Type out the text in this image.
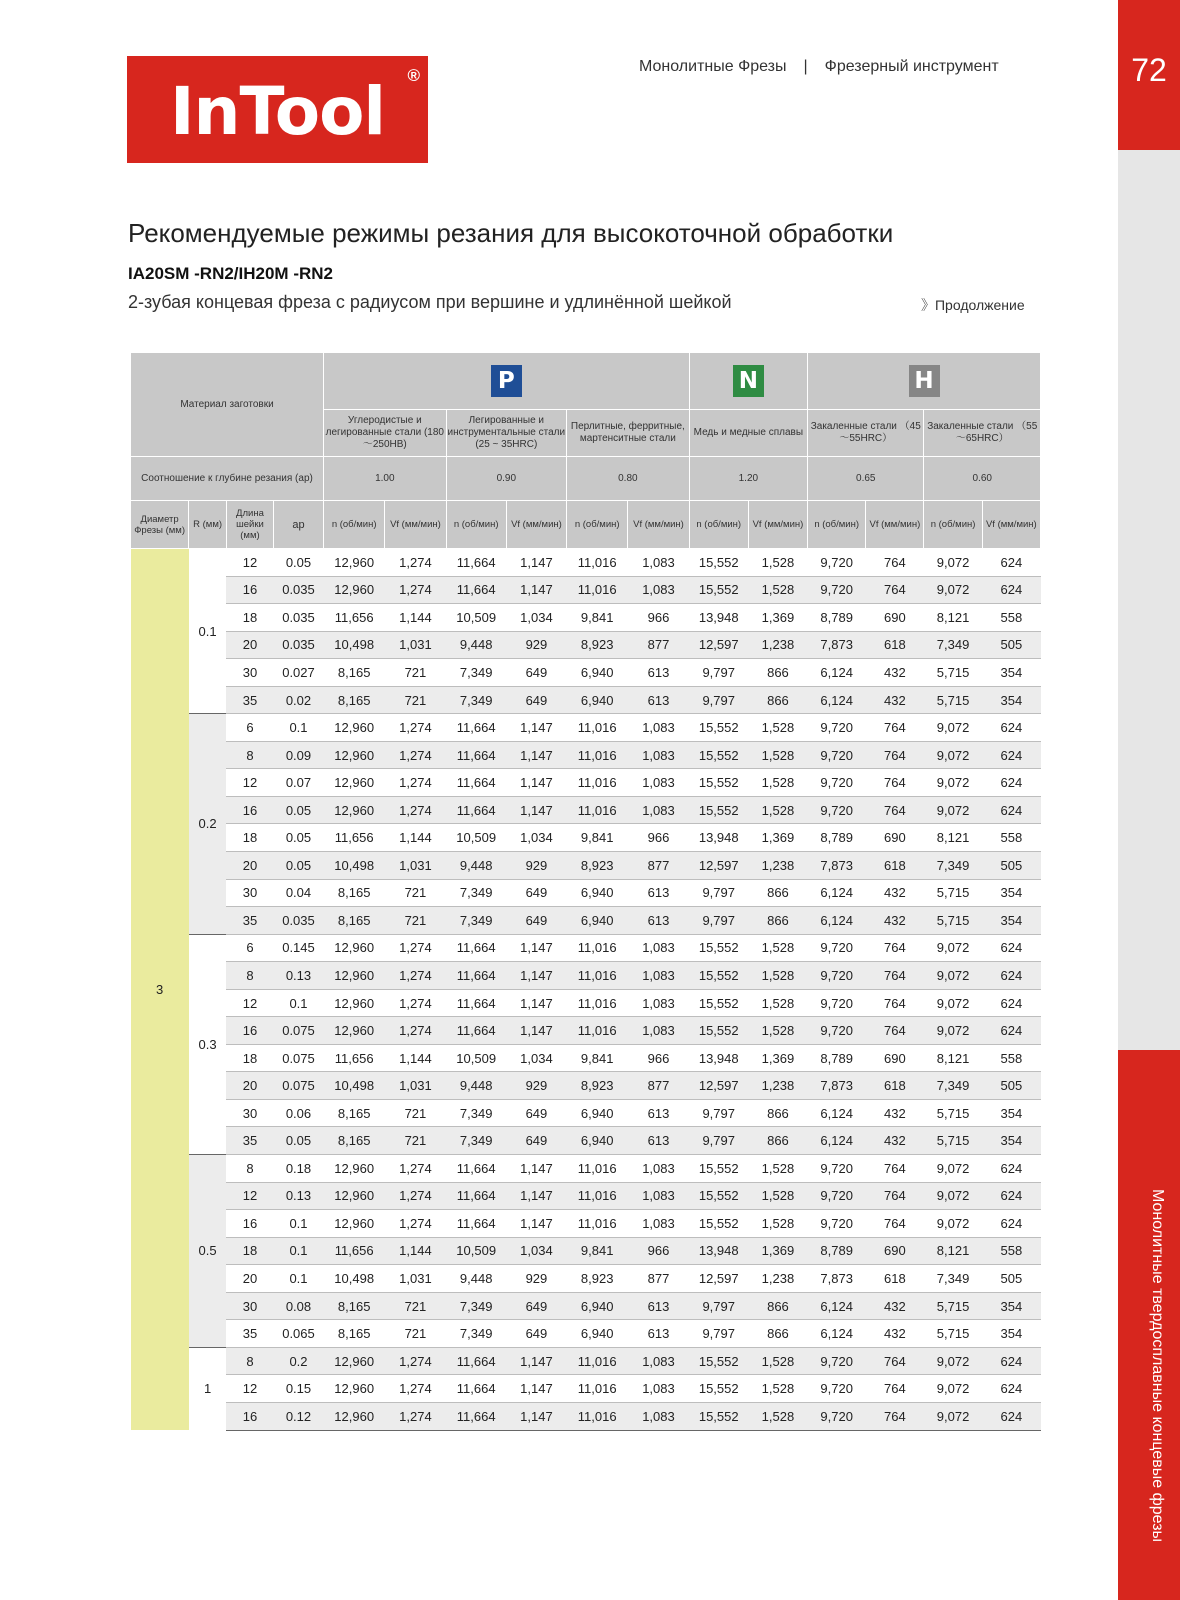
InTool ®	Монолитные Фрезы | Фрезерный инструмент	72
Монолитные твердосплавные концевые фрезы
Рекомендуемые режимы резания для высокоточной обработки
IA20SM -RN2/IH20M -RN2
2-зубая концевая фреза с радиусом при вершине и удлинённой шейкой	》Продолжение
Материал заготовки				P						N		H			
				Углеродистые и легированные стали (180～250HB)		Легированные и инструментальные стали (25 ~ 35HRC)		Перлитные, ферритные, мартенситные стали		Медь и медные сплавы		Закаленные стали （45～55HRC）		Закаленные стали （55～65HRC）	
Соотношение к глубине резания (ap)				1.00		0.90		0.80		1.20		0.65		0.60	
Диаметр Фрезы (мм)	R (мм)	Длина шейки (мм)	ap	n (об/мин)	Vf (мм/мин)	n (об/мин)	Vf (мм/мин)	n (об/мин)	Vf (мм/мин)	n (об/мин)	Vf (мм/мин)	n (об/мин)	Vf (мм/мин)	n (об/мин)	Vf (мм/мин)
3	0.1	12	0.05	12,960	1,274	11,664	1,147	11,016	1,083	15,552	1,528	9,720	764	9,072	624
		16	0.035	12,960	1,274	11,664	1,147	11,016	1,083	15,552	1,528	9,720	764	9,072	624
		18	0.035	11,656	1,144	10,509	1,034	9,841	966	13,948	1,369	8,789	690	8,121	558
		20	0.035	10,498	1,031	9,448	929	8,923	877	12,597	1,238	7,873	618	7,349	505
		30	0.027	8,165	721	7,349	649	6,940	613	9,797	866	6,124	432	5,715	354
		35	0.02	8,165	721	7,349	649	6,940	613	9,797	866	6,124	432	5,715	354
	0.2	6	0.1	12,960	1,274	11,664	1,147	11,016	1,083	15,552	1,528	9,720	764	9,072	624
		8	0.09	12,960	1,274	11,664	1,147	11,016	1,083	15,552	1,528	9,720	764	9,072	624
		12	0.07	12,960	1,274	11,664	1,147	11,016	1,083	15,552	1,528	9,720	764	9,072	624
		16	0.05	12,960	1,274	11,664	1,147	11,016	1,083	15,552	1,528	9,720	764	9,072	624
		18	0.05	11,656	1,144	10,509	1,034	9,841	966	13,948	1,369	8,789	690	8,121	558
		20	0.05	10,498	1,031	9,448	929	8,923	877	12,597	1,238	7,873	618	7,349	505
		30	0.04	8,165	721	7,349	649	6,940	613	9,797	866	6,124	432	5,715	354
		35	0.035	8,165	721	7,349	649	6,940	613	9,797	866	6,124	432	5,715	354
	0.3	6	0.145	12,960	1,274	11,664	1,147	11,016	1,083	15,552	1,528	9,720	764	9,072	624
		8	0.13	12,960	1,274	11,664	1,147	11,016	1,083	15,552	1,528	9,720	764	9,072	624
		12	0.1	12,960	1,274	11,664	1,147	11,016	1,083	15,552	1,528	9,720	764	9,072	624
		16	0.075	12,960	1,274	11,664	1,147	11,016	1,083	15,552	1,528	9,720	764	9,072	624
		18	0.075	11,656	1,144	10,509	1,034	9,841	966	13,948	1,369	8,789	690	8,121	558
		20	0.075	10,498	1,031	9,448	929	8,923	877	12,597	1,238	7,873	618	7,349	505
		30	0.06	8,165	721	7,349	649	6,940	613	9,797	866	6,124	432	5,715	354
		35	0.05	8,165	721	7,349	649	6,940	613	9,797	866	6,124	432	5,715	354
	0.5	8	0.18	12,960	1,274	11,664	1,147	11,016	1,083	15,552	1,528	9,720	764	9,072	624
		12	0.13	12,960	1,274	11,664	1,147	11,016	1,083	15,552	1,528	9,720	764	9,072	624
		16	0.1	12,960	1,274	11,664	1,147	11,016	1,083	15,552	1,528	9,720	764	9,072	624
		18	0.1	11,656	1,144	10,509	1,034	9,841	966	13,948	1,369	8,789	690	8,121	558
		20	0.1	10,498	1,031	9,448	929	8,923	877	12,597	1,238	7,873	618	7,349	505
		30	0.08	8,165	721	7,349	649	6,940	613	9,797	866	6,124	432	5,715	354
		35	0.065	8,165	721	7,349	649	6,940	613	9,797	866	6,124	432	5,715	354
	1	8	0.2	12,960	1,274	11,664	1,147	11,016	1,083	15,552	1,528	9,720	764	9,072	624
		12	0.15	12,960	1,274	11,664	1,147	11,016	1,083	15,552	1,528	9,720	764	9,072	624
		16	0.12	12,960	1,274	11,664	1,147	11,016	1,083	15,552	1,528	9,720	764	9,072	624
